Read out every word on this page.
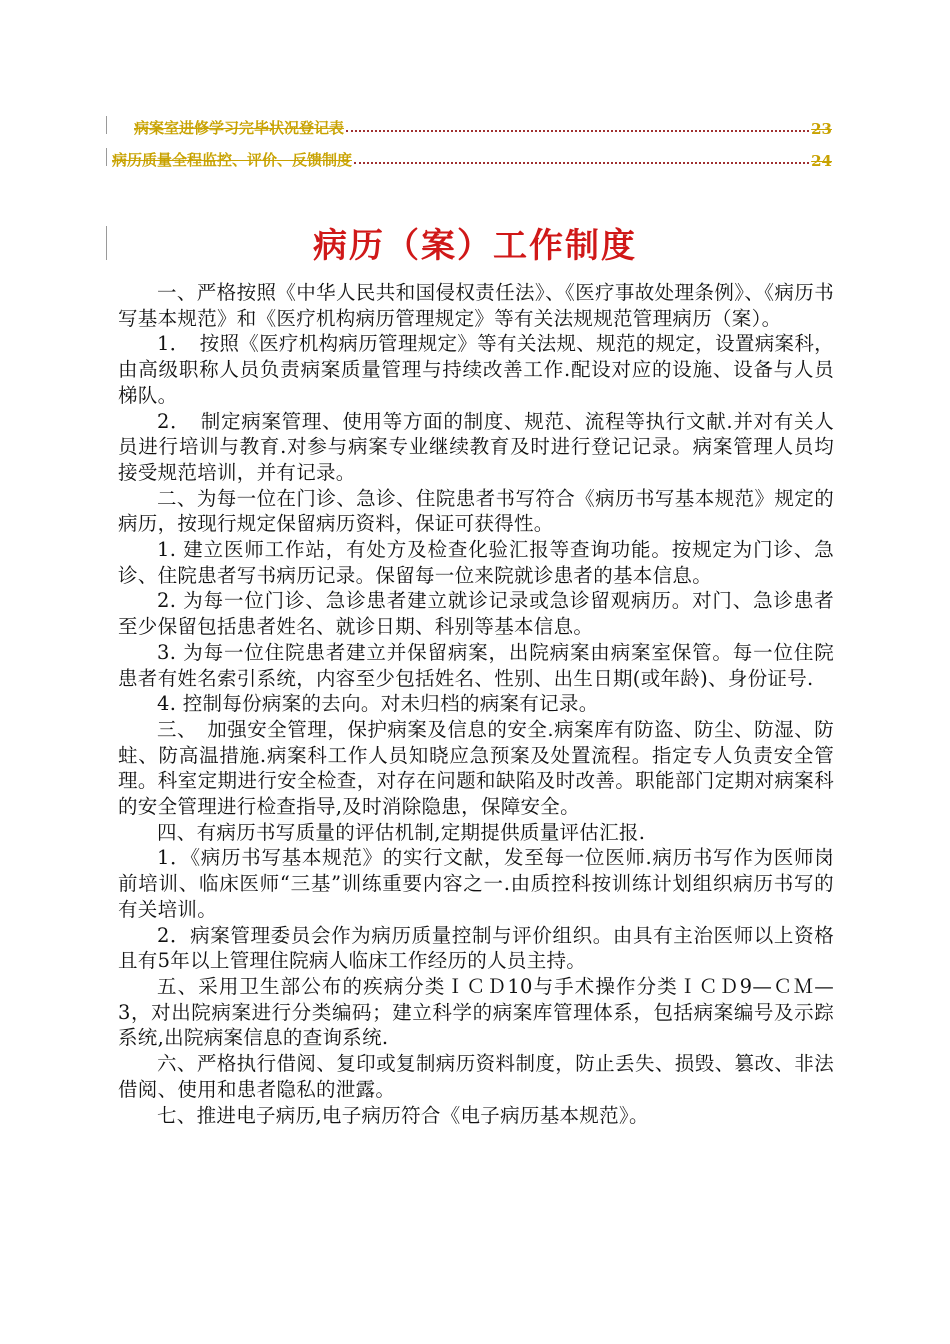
病案室进修学习完毕状况登记表	23
病历质量全程监控、评价、反馈制度	24
病历（案）工作制度

一、严格按照《中华人民共和国侵权责任法》、《医疗事故处理条例》、《病历书写基本规范》和《医疗机构病历管理规定》等有关法规规范管理病历（案）。

1．　按照《医疗机构病历管理规定》等有关法规、规范的规定，设置病案科，由高级职称人员负责病案质量管理与持续改善工作.配设对应的设施、设备与人员梯队。

2．　制定病案管理、使用等方面的制度、规范、流程等执行文献.并对有关人员进行培训与教育.对参与病案专业继续教育及时进行登记记录。病案管理人员均接受规范培训，并有记录。

二、为每一位在门诊、急诊、住院患者书写符合《病历书写基本规范》规定的病历，按现行规定保留病历资料，保证可获得性。

1. 建立医师工作站，有处方及检查化验汇报等查询功能。按规定为门诊、急诊、住院患者写书病历记录。保留每一位来院就诊患者的基本信息。

2. 为每一位门诊、急诊患者建立就诊记录或急诊留观病历。对门、急诊患者至少保留包括患者姓名、就诊日期、科别等基本信息。

3. 为每一位住院患者建立并保留病案，出院病案由病案室保管。每一位住院患者有姓名索引系统，内容至少包括姓名、性别、出生日期(或年龄)、身份证号.

4. 控制每份病案的去向。对未归档的病案有记录。

三、　加强安全管理，保护病案及信息的安全.病案库有防盗、防尘、防湿、防蛀、防高温措施.病案科工作人员知晓应急预案及处置流程。指定专人负责安全管理。科室定期进行安全检查，对存在问题和缺陷及时改善。职能部门定期对病案科的安全管理进行检查指导,及时消除隐患，保障安全。

四、有病历书写质量的评估机制,定期提供质量评估汇报.

1．《病历书写基本规范》的实行文献，发至每一位医师.病历书写作为医师岗前培训、临床医师“三基”训练重要内容之一.由质控科按训练计划组织病历书写的有关培训。

2．病案管理委员会作为病历质量控制与评价组织。由具有主治医师以上资格且有5年以上管理住院病人临床工作经历的人员主持。

五、采用卫生部公布的疾病分类ＩＣＤ10与手术操作分类ＩＣＤ9—ＣＭ—3，对出院病案进行分类编码；建立科学的病案库管理体系，包括病案编号及示踪系统,出院病案信息的查询系统.

六、严格执行借阅、复印或复制病历资料制度，防止丢失、损毁、篡改、非法借阅、使用和患者隐私的泄露。

七、推进电子病历,电子病历符合《电子病历基本规范》。
